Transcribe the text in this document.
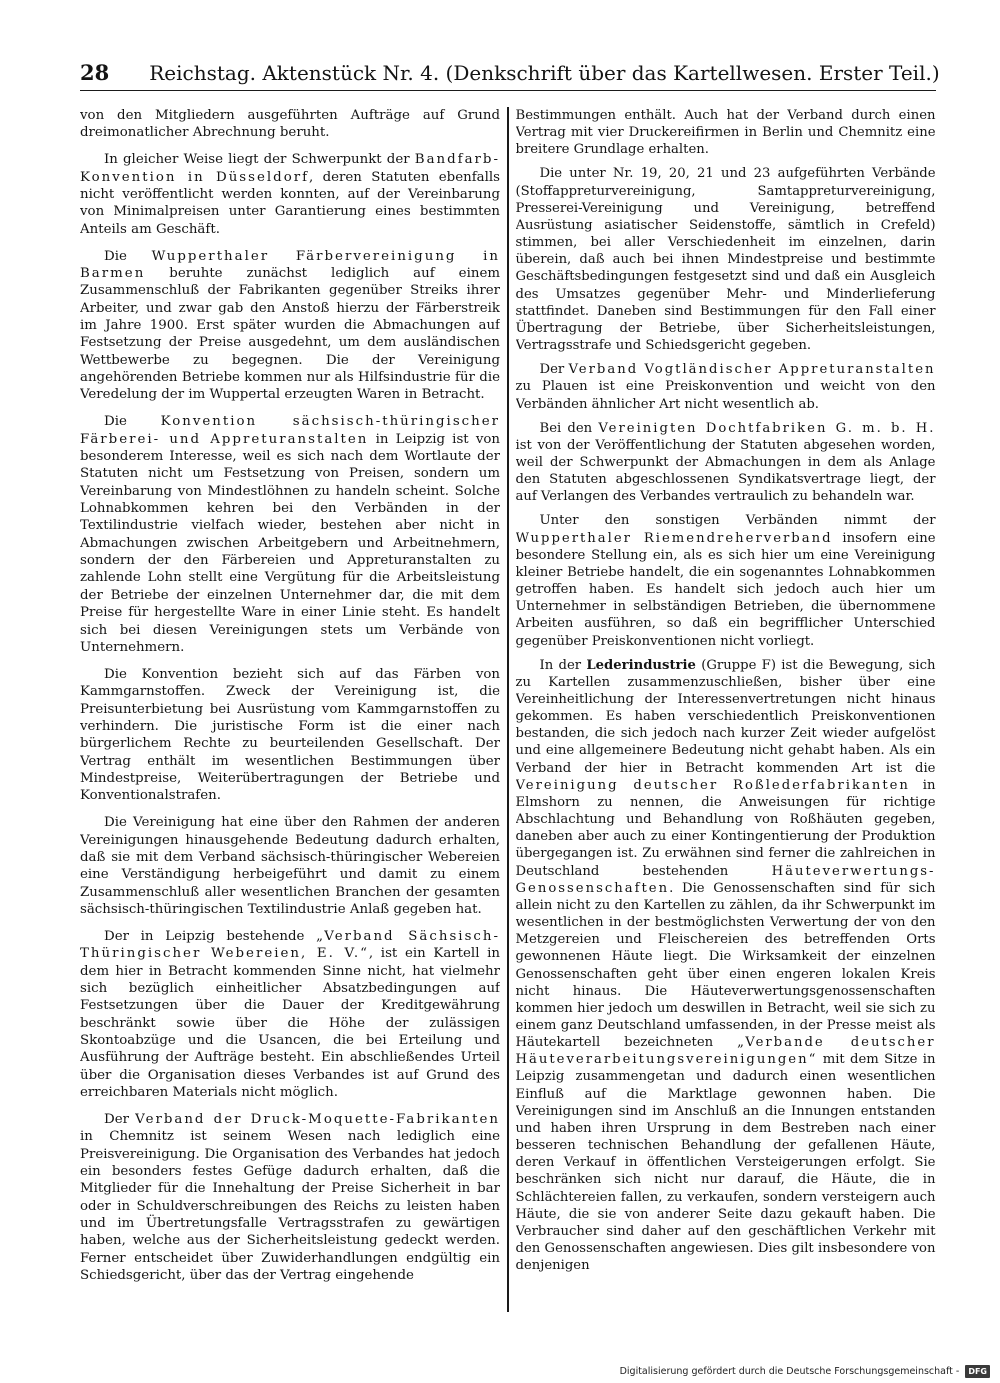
28 Reichstag. Aktenstück Nr. 4. (Denkschrift über das Kartellwesen. Erster Teil.)

von den Mitgliedern ausgeführten Aufträge auf Grund dreimonatlicher Abrechnung beruht.

In gleicher Weise liegt der Schwerpunkt der Bandfarb-Konvention in Düsseldorf, deren Statuten ebenfalls nicht veröffentlicht werden konnten, auf der Vereinbarung von Minimalpreisen unter Garantierung eines bestimmten Anteils am Geschäft.

Die Wupperthaler Färbervereinigung in Barmen beruhte zunächst lediglich auf einem Zusammenschluß der Fabrikanten gegenüber Streiks ihrer Arbeiter, und zwar gab den Anstoß hierzu der Färberstreik im Jahre 1900. Erst später wurden die Abmachungen auf Festsetzung der Preise ausgedehnt, um dem ausländischen Wettbewerbe zu begegnen. Die der Vereinigung angehörenden Betriebe kommen nur als Hilfsindustrie für die Veredelung der im Wuppertal erzeugten Waren in Betracht.

Die Konvention sächsisch-thüringischer Färberei- und Appreturanstalten in Leipzig ist von besonderem Interesse, weil es sich nach dem Wortlaute der Statuten nicht um Festsetzung von Preisen, sondern um Vereinbarung von Mindestlöhnen zu handeln scheint. Solche Lohnabkommen kehren bei den Verbänden in der Textilindustrie vielfach wieder, bestehen aber nicht in Abmachungen zwischen Arbeitgebern und Arbeitnehmern, sondern der den Färbereien und Appreturanstalten zu zahlende Lohn stellt eine Vergütung für die Arbeitsleistung der Betriebe der einzelnen Unternehmer dar, die mit dem Preise für hergestellte Ware in einer Linie steht. Es handelt sich bei diesen Vereinigungen stets um Verbände von Unternehmern.

Die Konvention bezieht sich auf das Färben von Kammgarnstoffen. Zweck der Vereinigung ist, die Preisunterbietung bei Ausrüstung vom Kammgarnstoffen zu verhindern. Die juristische Form ist die einer nach bürgerlichem Rechte zu beurteilenden Gesellschaft. Der Vertrag enthält im wesentlichen Bestimmungen über Mindestpreise, Weiterübertragungen der Betriebe und Konventionalstrafen.

Die Vereinigung hat eine über den Rahmen der anderen Vereinigungen hinausgehende Bedeutung dadurch erhalten, daß sie mit dem Verband sächsisch-thüringischer Webereien eine Verständigung herbeigeführt und damit zu einem Zusammenschluß aller wesentlichen Branchen der gesamten sächsisch-thüringischen Textilindustrie Anlaß gegeben hat.

Der in Leipzig bestehende „Verband Sächsisch-Thüringischer Webereien, E. V.“, ist ein Kartell in dem hier in Betracht kommenden Sinne nicht, hat vielmehr sich bezüglich einheitlicher Absatzbedingungen auf Festsetzungen über die Dauer der Kreditgewährung beschränkt sowie über die Höhe der zulässigen Skontoabzüge und die Usancen, die bei Erteilung und Ausführung der Aufträge besteht. Ein abschließendes Urteil über die Organisation dieses Verbandes ist auf Grund des erreichbaren Materials nicht möglich.

Der Verband der Druck-Moquette-Fabrikanten in Chemnitz ist seinem Wesen nach lediglich eine Preisvereinigung. Die Organisation des Verbandes hat jedoch ein besonders festes Gefüge dadurch erhalten, daß die Mitglieder für die Innehaltung der Preise Sicherheit in bar oder in Schuldverschreibungen des Reichs zu leisten haben und im Übertretungsfalle Vertragsstrafen zu gewärtigen haben, welche aus der Sicherheitsleistung gedeckt werden. Ferner entscheidet über Zuwiderhandlungen endgültig ein Schiedsgericht, über das der Vertrag eingehende

Bestimmungen enthält. Auch hat der Verband durch einen Vertrag mit vier Druckereifirmen in Berlin und Chemnitz eine breitere Grundlage erhalten.

Die unter Nr. 19, 20, 21 und 23 aufgeführten Verbände (Stoffappreturvereinigung, Samtappreturvereinigung, Presserei-Vereinigung und Vereinigung, betreffend Ausrüstung asiatischer Seidenstoffe, sämtlich in Crefeld) stimmen, bei aller Verschiedenheit im einzelnen, darin überein, daß auch bei ihnen Mindestpreise und bestimmte Geschäftsbedingungen festgesetzt sind und daß ein Ausgleich des Umsatzes gegenüber Mehr- und Minderlieferung stattfindet. Daneben sind Bestimmungen für den Fall einer Übertragung der Betriebe, über Sicherheitsleistungen, Vertragsstrafe und Schiedsgericht gegeben.

Der Verband Vogtländischer Appreturanstalten zu Plauen ist eine Preiskonvention und weicht von den Verbänden ähnlicher Art nicht wesentlich ab.

Bei den Vereinigten Dochtfabriken G. m. b. H. ist von der Veröffentlichung der Statuten abgesehen worden, weil der Schwerpunkt der Abmachungen in dem als Anlage den Statuten abgeschlossenen Syndikatsvertrage liegt, der auf Verlangen des Verbandes vertraulich zu behandeln war.

Unter den sonstigen Verbänden nimmt der Wupperthaler Riemendreherverband insofern eine besondere Stellung ein, als es sich hier um eine Vereinigung kleiner Betriebe handelt, die ein sogenanntes Lohnabkommen getroffen haben. Es handelt sich jedoch auch hier um Unternehmer in selbständigen Betrieben, die übernommene Arbeiten ausführen, so daß ein begrifflicher Unterschied gegenüber Preiskonventionen nicht vorliegt.

In der Lederindustrie (Gruppe F) ist die Bewegung, sich zu Kartellen zusammenzuschließen, bisher über eine Vereinheitlichung der Interessenvertretungen nicht hinaus gekommen. Es haben verschiedentlich Preiskonventionen bestanden, die sich jedoch nach kurzer Zeit wieder aufgelöst und eine allgemeinere Bedeutung nicht gehabt haben. Als ein Verband der hier in Betracht kommenden Art ist die Vereinigung deutscher Roßlederfabrikanten in Elmshorn zu nennen, die Anweisungen für richtige Abschlachtung und Behandlung von Roßhäuten gegeben, daneben aber auch zu einer Kontingentierung der Produktion übergegangen ist. Zu erwähnen sind ferner die zahlreichen in Deutschland bestehenden Häuteverwertungs-Genossenschaften. Die Genossenschaften sind für sich allein nicht zu den Kartellen zu zählen, da ihr Schwerpunkt im wesentlichen in der bestmöglichsten Verwertung der von den Metzgereien und Fleischereien des betreffenden Orts gewonnenen Häute liegt. Die Wirksamkeit der einzelnen Genossenschaften geht über einen engeren lokalen Kreis nicht hinaus. Die Häuteverwertungsgenossenschaften kommen hier jedoch um deswillen in Betracht, weil sie sich zu einem ganz Deutschland umfassenden, in der Presse meist als Häutekartell bezeichneten „Verbande deutscher Häuteverarbeitungsvereinigungen“ mit dem Sitze in Leipzig zusammengetan und dadurch einen wesentlichen Einfluß auf die Marktlage gewonnen haben. Die Vereinigungen sind im Anschluß an die Innungen entstanden und haben ihren Ursprung in dem Bestreben nach einer besseren technischen Behandlung der gefallenen Häute, deren Verkauf in öffentlichen Versteigerungen erfolgt. Sie beschränken sich nicht nur darauf, die Häute, die in Schlächtereien fallen, zu verkaufen, sondern versteigern auch Häute, die sie von anderer Seite dazu gekauft haben. Die Verbraucher sind daher auf den geschäftlichen Verkehr mit den Genossenschaften angewiesen. Dies gilt insbesondere von denjenigen

Digitalisierung gefördert durch die Deutsche Forschungsgemeinschaft -	DFG
